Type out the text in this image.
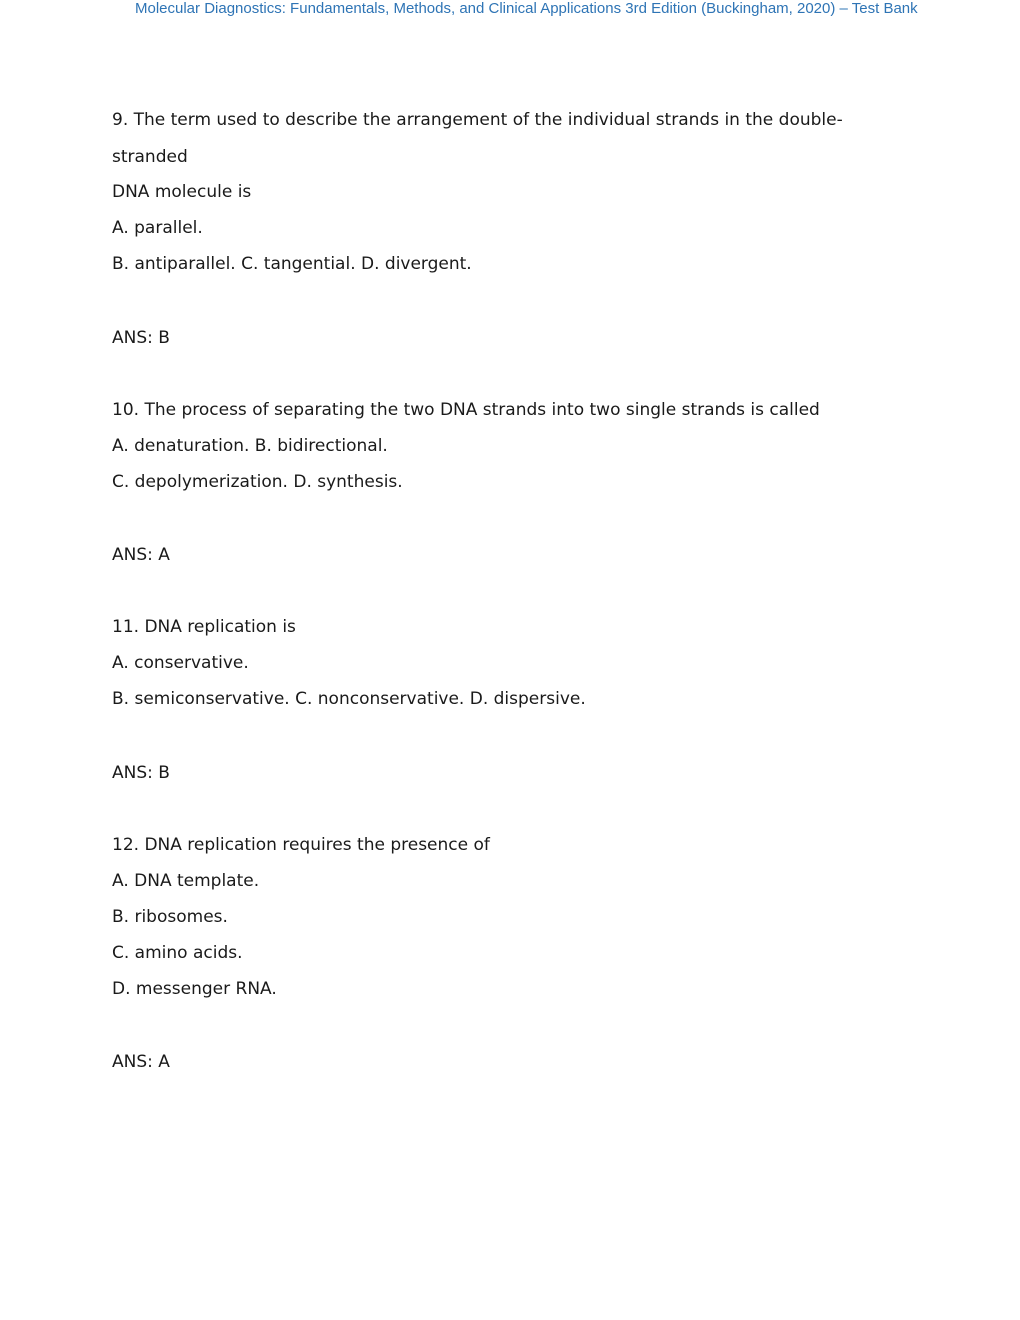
Molecular Diagnostics: Fundamentals, Methods, and Clinical Applications 3rd Edition (Buckingham, 2020) – Test Bank
9. The term used to describe the arrangement of the individual strands in the double-
stranded
DNA molecule is
A. parallel.
B. antiparallel. C. tangential. D. divergent.
ANS: B
10. The process of separating the two DNA strands into two single strands is called
A. denaturation. B. bidirectional.
C. depolymerization. D. synthesis.
ANS: A
11. DNA replication is
A. conservative.
B. semiconservative. C. nonconservative. D. dispersive.
ANS: B
12. DNA replication requires the presence of
A. DNA template.
B. ribosomes.
C. amino acids.
D. messenger RNA.
ANS: A
